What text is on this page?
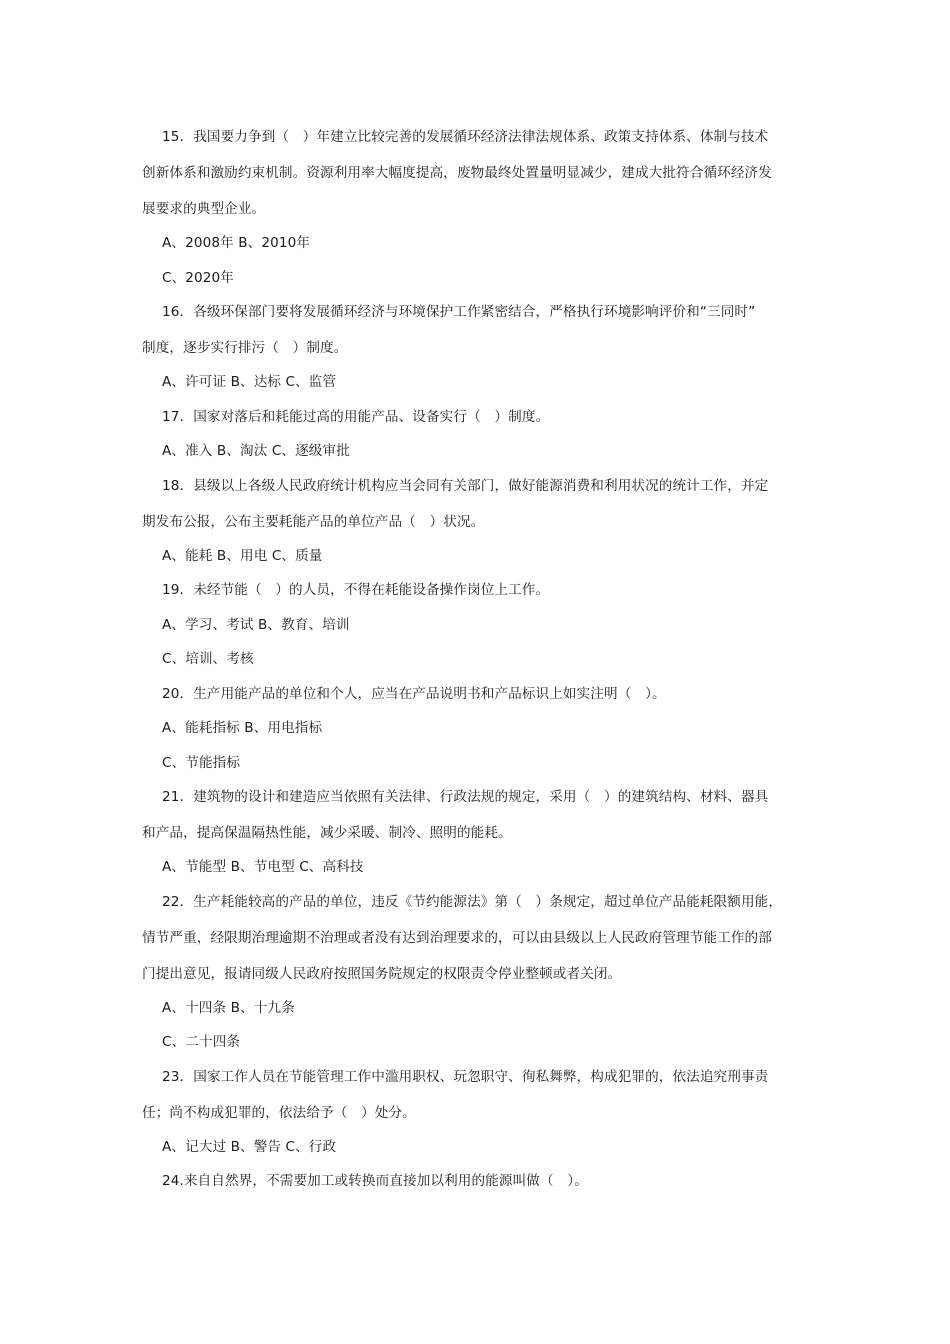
15．我国要力争到（　）年建立比较完善的发展循环经济法律法规体系、政策支持体系、体制与技术
创新体系和激励约束机制。资源利用率大幅度提高，废物最终处置量明显减少，建成大批符合循环经济发
展要求的典型企业。
A、2008年 B、2010年
C、2020年
16．各级环保部门要将发展循环经济与环境保护工作紧密结合，严格执行环境影响评价和“三同时”
制度，逐步实行排污（　）制度。
A、许可证 B、达标 C、监管
17．国家对落后和耗能过高的用能产品、设备实行（　）制度。
A、准入 B、淘汰 C、逐级审批
18．县级以上各级人民政府统计机构应当会同有关部门，做好能源消费和利用状况的统计工作，并定
期发布公报，公布主要耗能产品的单位产品（　）状况。
A、能耗 B、用电 C、质量
19．未经节能（　）的人员，不得在耗能设备操作岗位上工作。
A、学习、考试 B、教育、培训
C、培训、考核
20．生产用能产品的单位和个人，应当在产品说明书和产品标识上如实注明（　）。
A、能耗指标 B、用电指标
C、节能指标
21．建筑物的设计和建造应当依照有关法律、行政法规的规定，采用（　）的建筑结构、材料、器具
和产品，提高保温隔热性能，减少采暖、制冷、照明的能耗。
A、节能型 B、节电型 C、高科技
22．生产耗能较高的产品的单位，违反《节约能源法》第（　）条规定，超过单位产品能耗限额用能，
情节严重，经限期治理逾期不治理或者没有达到治理要求的，可以由县级以上人民政府管理节能工作的部
门提出意见，报请同级人民政府按照国务院规定的权限责令停业整顿或者关闭。
A、十四条 B、十九条
C、二十四条
23．国家工作人员在节能管理工作中滥用职权、玩忽职守、徇私舞弊，构成犯罪的，依法追究刑事责
任；尚不构成犯罪的，依法给予（　）处分。
A、记大过 B、警告 C、行政
24.来自自然界，不需要加工或转换而直接加以利用的能源叫做（　）。
